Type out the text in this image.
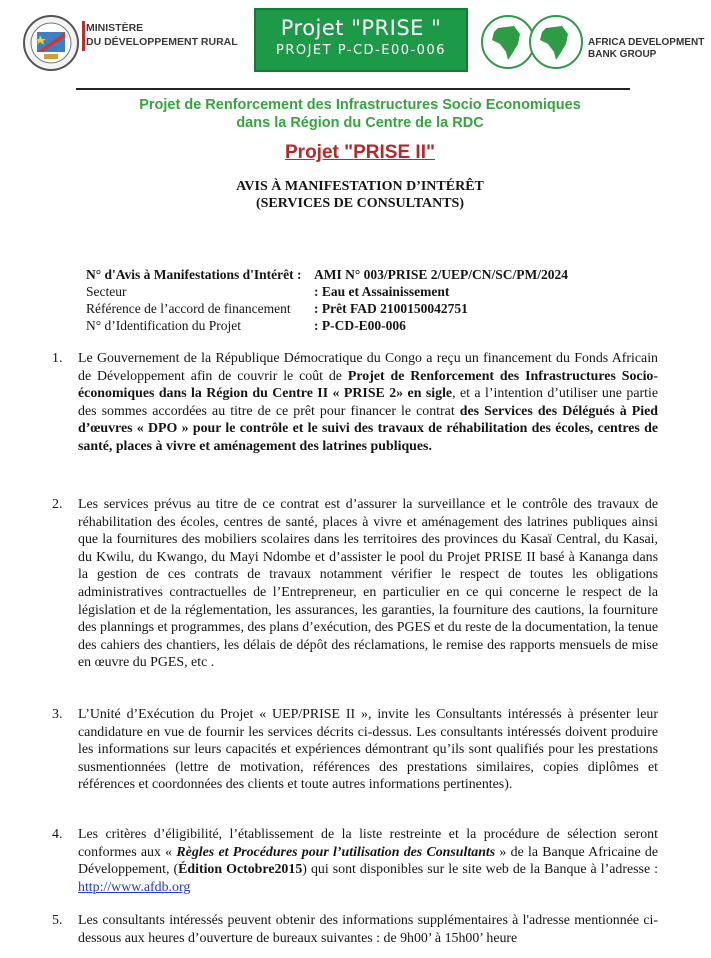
MINISTÈRE
DU DÉVELOPPEMENT RURAL
Projet "PRISE "
PROJET P-CD-E00-006
AFRICA DEVELOPMENT
BANK GROUP
Projet de Renforcement des Infrastructures Socio Economiques
dans la Région du Centre de la RDC
Projet "PRISE II"
AVIS À MANIFESTATION D’INTÉRÊT
(SERVICES DE CONSULTANTS)
N° d'Avis à Manifestations d'Intérêt : AMI N° 003/PRISE 2/UEP/CN/SC/PM/2024
Secteur	: Eau et Assainissement
Référence de l’accord de financement : Prêt FAD 2100150042751
N° d’Identification du Projet	: P-CD-E00-006
1. Le Gouvernement de la République Démocratique du Congo a reçu un financement du Fonds Africain de Développement afin de couvrir le coût de Projet de Renforcement des Infrastructures Socio-économiques dans la Région du Centre II « PRISE 2» en sigle, et a l’intention d’utiliser une partie des sommes accordées au titre de ce prêt pour financer le contrat des Services des Délégués à Pied d’œuvres « DPO » pour le contrôle et le suivi des travaux de réhabilitation des écoles, centres de santé, places à vivre et aménagement des latrines publiques.
2. Les services prévus au titre de ce contrat est d’assurer la surveillance et le contrôle des travaux de réhabilitation des écoles, centres de santé, places à vivre et aménagement des latrines publiques ainsi que la fournitures des mobiliers scolaires dans les territoires des provinces du Kasaï Central, du Kasai, du Kwilu, du Kwango, du Mayi Ndombe et d’assister le pool du Projet PRISE II basé à Kananga dans la gestion de ces contrats de travaux notamment vérifier le respect de toutes les obligations administratives contractuelles de l’Entrepreneur, en particulier en ce qui concerne le respect de la législation et de la réglementation, les assurances, les garanties, la fourniture des cautions, la fourniture des plannings et programmes, des plans d’exécution, des PGES et du reste de la documentation, la tenue des cahiers des chantiers, les délais de dépôt des réclamations, le remise des rapports mensuels de mise en œuvre du PGES, etc .
3. L’Unité d’Exécution du Projet « UEP/PRISE II », invite les Consultants intéressés à présenter leur candidature en vue de fournir les services décrits ci-dessus. Les consultants intéressés doivent produire les informations sur leurs capacités et expériences démontrant qu’ils sont qualifiés pour les prestations susmentionnées (lettre de motivation, références des prestations similaires, copies diplômes et références et coordonnées des clients et toute autres informations pertinentes).
4. Les critères d’éligibilité, l’établissement de la liste restreinte et la procédure de sélection seront conformes aux « Règles et Procédures pour l’utilisation des Consultants » de la Banque Africaine de Développement, (Édition Octobre2015) qui sont disponibles sur le site web de la Banque à l’adresse : http://www.afdb.org
5. Les consultants intéressés peuvent obtenir des informations supplémentaires à l'adresse mentionnée ci-dessous aux heures d’ouverture de bureaux suivantes : de 9h00’ à 15h00’ heure
